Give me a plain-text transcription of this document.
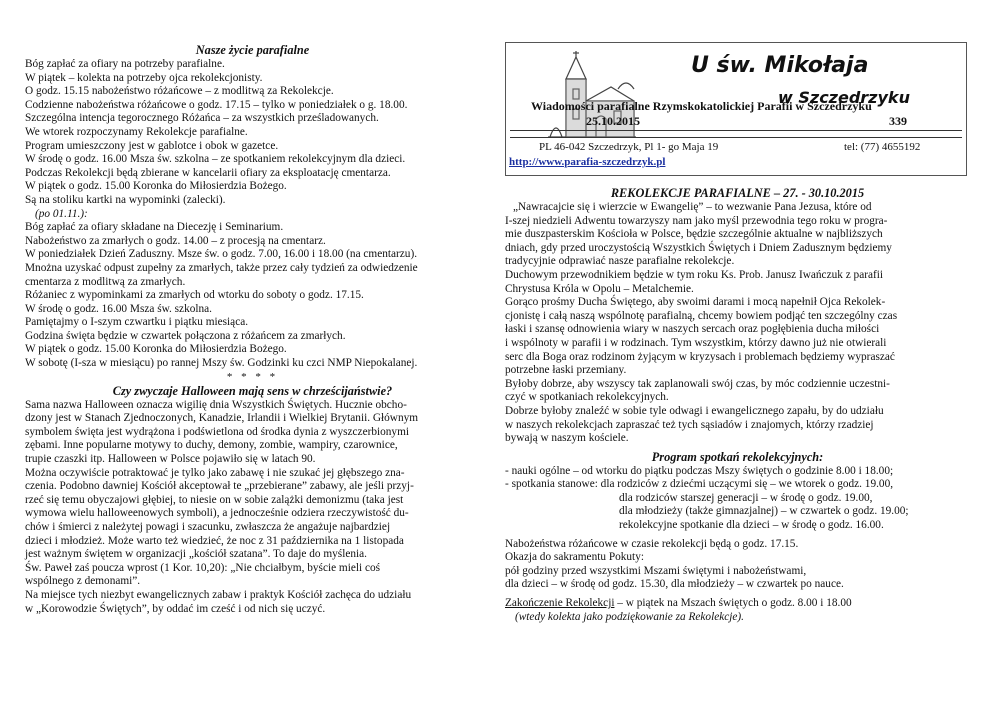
Nasze życie parafialne
Bóg zapłać za ofiary na potrzeby parafialne.
W piątek – kolekta na potrzeby ojca rekolekcjonisty.
O godz. 15.15 nabożeństwo różańcowe – z modlitwą za Rekolekcje.
Codzienne nabożeństwa różańcowe o godz. 17.15 – tylko w poniedziałek o g. 18.00.
Szczególna intencja tegorocznego Różańca – za wszystkich prześladowanych.
We wtorek rozpoczynamy Rekolekcje parafialne.
Program umieszczony jest w gablotce i obok w gazetce.
W środę o godz. 16.00 Msza św. szkolna – ze spotkaniem rekolekcyjnym dla dzieci.
Podczas Rekolekcji będą zbierane w kancelarii ofiary za eksploatację cmentarza.
W piątek o godz. 15.00 Koronka do Miłosierdzia Bożego.
Są na stoliku kartki na wypominki (zalecki).
(po 01.11.):
Bóg zapłać za ofiary składane na Diecezję i Seminarium.
Nabożeństwo za zmarłych o godz. 14.00 – z procesją na cmentarz.
W poniedziałek Dzień Zaduszny. Msze św. o godz. 7.00, 16.00 i 18.00 (na cmentarzu).
Mnożna uzyskać odpust zupełny za zmarłych, także przez cały tydzień za odwiedzenie
cmentarza z modlitwą za zmarłych.
Różaniec z wypominkami za zmarłych od wtorku do soboty o godz. 17.15.
W środę o godz. 16.00 Msza św. szkolna.
Pamiętajmy o I-szym czwartku i piątku miesiąca.
Godzina święta będzie w czwartek połączona z różańcem za zmarłych.
W piątek o godz. 15.00 Koronka do Miłosierdzia Bożego.
W sobotę (I-sza w miesiącu) po rannej Mszy św. Godzinki ku czci NMP Niepokalanej.
* * * *
Czy zwyczaje Halloween mają sens w chrześcijaństwie?
Sama nazwa Halloween oznacza wigilię dnia Wszystkich Świętych. Hucznie obcho-
dzony jest w Stanach Zjednoczonych, Kanadzie, Irlandii i Wielkiej Brytanii. Głównym
symbolem święta jest wydrążona i podświetlona od środka dynia z wyszczerbionymi
zębami. Inne popularne motywy to duchy, demony, zombie, wampiry, czarownice,
trupie czaszki itp. Halloween w Polsce pojawiło się w latach 90.
Można oczywiście potraktować je tylko jako zabawę i nie szukać jej głębszego zna-
czenia. Podobno dawniej Kościół akceptował te „przebierane” zabawy, ale jeśli przyj-
rzeć się temu obyczajowi głębiej, to niesie on w sobie zalążki demonizmu (taka jest
wymowa wielu halloweenowych symboli), a jednocześnie odziera rzeczywistość du-
chów i śmierci z należytej powagi i szacunku, zwłaszcza że angażuje najbardziej
dzieci i młodzież. Może warto też wiedzieć, że noc z 31 października na 1 listopada
jest ważnym świętem w organizacji „kościół szatana”. To daje do myślenia.
Św. Paweł zaś poucza wprost (1 Kor. 10,20): „Nie chciałbym, byście mieli coś
wspólnego z demonami”.
Na miejsce tych niezbyt ewangelicznych zabaw i praktyk Kościół zachęca do udziału
w „Korowodzie Świętych”, by oddać im cześć i od nich się uczyć.
U św. Mikołaja
w Szczedrzyku
Wiadomości parafialne Rzymskokatolickiej Parafii w Szczedrzyku
25.10.2015	339
PL 46-042 Szczedrzyk, Pl 1- go Maja 19	tel: (77) 4655192
http://www.parafia-szczedrzyk.pl
REKOLEKCJE PARAFIALNE – 27. - 30.10.2015
„Nawracajcie się i wierzcie w Ewangelię” – to wezwanie Pana Jezusa, które od
I-szej niedzieli Adwentu towarzyszy nam jako myśl przewodnia tego roku w progra-
mie duszpasterskim Kościoła w Polsce, będzie szczególnie aktualne w najbliższych
dniach, gdy przed uroczystością Wszystkich Świętych i Dniem Zadusznym będziemy
tradycyjnie odprawiać nasze parafialne rekolekcje.
Duchowym przewodnikiem będzie w tym roku Ks. Prob. Janusz Iwańczuk z parafii
Chrystusa Króla w Opolu – Metalchemie.
Gorąco prośmy Ducha Świętego, aby swoimi darami i mocą napełnił Ojca Rekolek-
cjonistę i całą naszą wspólnotę parafialną, chcemy bowiem podjąć ten szczególny czas
łaski i szansę odnowienia wiary w naszych sercach oraz pogłębienia ducha miłości
i wspólnoty w parafii i w rodzinach. Tym wszystkim, którzy dawno już nie otwierali
serc dla Boga oraz rodzinom żyjącym w kryzysach i problemach będziemy wypraszać
potrzebne łaski przemiany.
Byłoby dobrze, aby wszyscy tak zaplanowali swój czas, by móc codziennie uczestni-
czyć w spotkaniach rekolekcyjnych.
Dobrze byłoby znaleźć w sobie tyle odwagi i ewangelicznego zapału, by do udziału
w naszych rekolekcjach zapraszać też tych sąsiadów i znajomych, którzy rzadziej
bywają w naszym kościele.
Program spotkań rekolekcyjnych:
- nauki ogólne – od wtorku do piątku podczas Mszy świętych o godzinie 8.00 i 18.00;
- spotkania stanowe: dla rodziców z dziećmi uczącymi się – we wtorek o godz. 19.00,
dla rodziców starszej generacji – w środę o godz. 19.00,
dla młodzieży (także gimnazjalnej) – w czwartek o godz. 19.00;
rekolekcyjne spotkanie dla dzieci – w środę o godz. 16.00.
Nabożeństwa różańcowe w czasie rekolekcji będą o godz. 17.15.
Okazja do sakramentu Pokuty:
pół godziny przed wszystkimi Mszami świętymi i nabożeństwami,
dla dzieci – w środę od godz. 15.30, dla młodzieży – w czwartek po nauce.
Zakończenie Rekolekcji – w piątek na Mszach świętych o godz. 8.00 i 18.00
(wtedy kolekta jako podziękowanie za Rekolekcje).
